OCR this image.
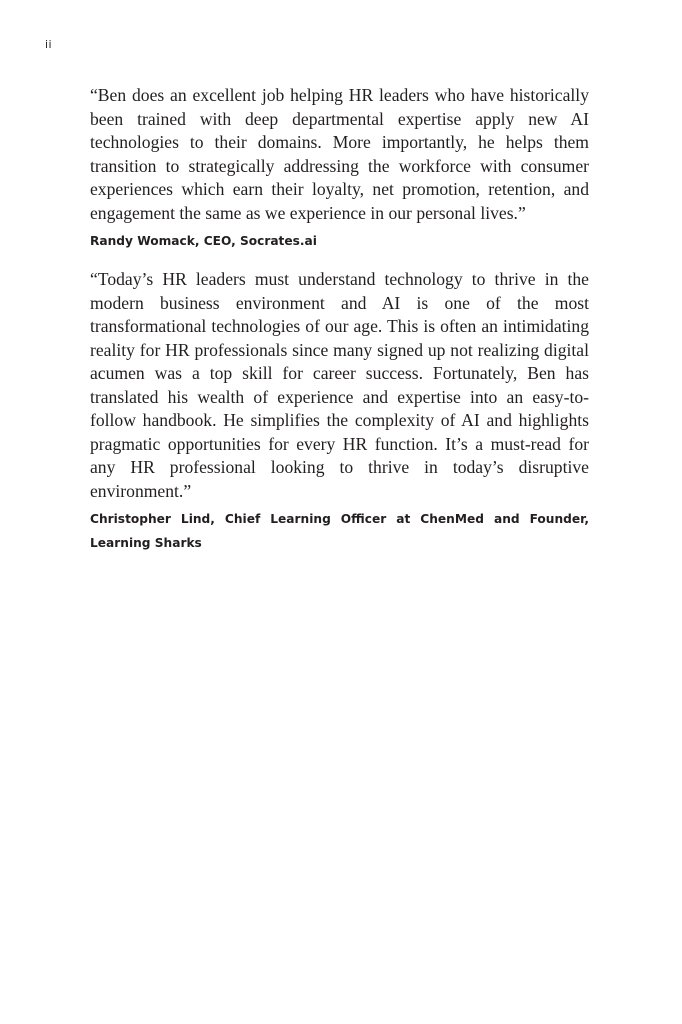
ii

“Ben does an excellent job helping HR leaders who have historically been trained with deep departmental expertise apply new AI technologies to their domains. More importantly, he helps them transition to strategically addressing the workforce with consumer experiences which earn their loyalty, net promotion, retention, and engagement the same as we experience in our personal lives.”

Randy Womack, CEO, Socrates.ai

“Today’s HR leaders must understand technology to thrive in the modern business environment and AI is one of the most transformational technologies of our age. This is often an intimidating reality for HR professionals since many signed up not realizing digital acumen was a top skill for career success. Fortunately, Ben has translated his wealth of experience and expertise into an easy-to-follow handbook. He simplifies the complexity of AI and highlights pragmatic opportunities for every HR function. It’s a must-read for any HR professional looking to thrive in today’s disruptive environment.”

Christopher Lind, Chief Learning Officer at ChenMed and Founder, Learning Sharks
